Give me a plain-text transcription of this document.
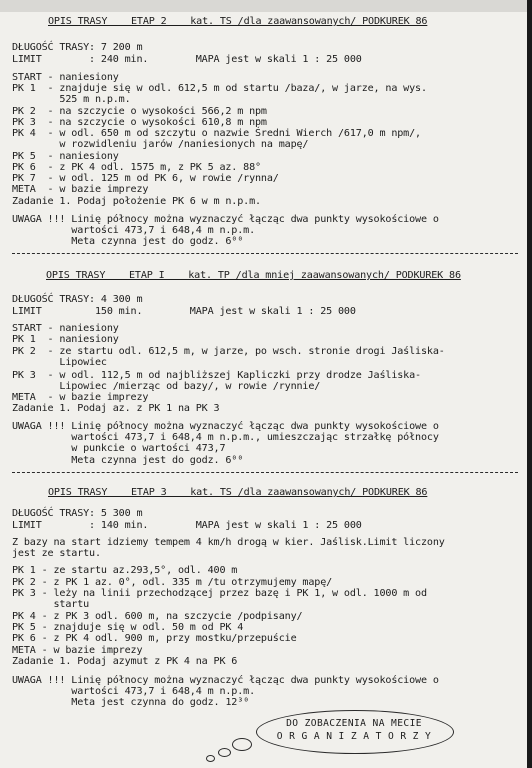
OPIS TRASY    ETAP 2    kat. TS /dla zaawansowanych/ PODKUREK 86
DŁUGOŚĆ TRASY: 7 200 m
LIMIT        : 240 min.        MAPA jest w skali 1 : 25 000
START - naniesiony
PK 1  - znajduje się w odl. 612,5 m od startu /baza/, w jarze, na wys.
525 m n.p.m.
PK 2  - na szczycie o wysokości 566,2 m npm
PK 3  - na szczycie o wysokości 610,8 m npm
PK 4  - w odl. 650 m od szczytu o nazwie Średni Wierch /617,0 m npm/,
w rozwidleniu jarów /naniesionych na mapę/
PK 5  - naniesiony
PK 6  - z PK 4 odl. 1575 m, z PK 5 az. 88°
PK 7  - w odl. 125 m od PK 6, w rowie /rynna/
META  - w bazie imprezy
Zadanie 1. Podaj położenie PK 6 w m n.p.m.
UWAGA !!! Linię północy można wyznaczyć łącząc dwa punkty wysokościowe o
wartości 473,7 i 648,4 m n.p.m.
Meta czynna jest do godz. 6⁰⁰
OPIS TRASY    ETAP I    kat. TP /dla mniej zaawansowanych/ PODKUREK 86
DŁUGOŚĆ TRASY: 4 300 m
LIMIT         150 min.        MAPA jest w skali 1 : 25 000
START - naniesiony
PK 1  - naniesiony
PK 2  - ze startu odl. 612,5 m, w jarze, po wsch. stronie drogi Jaśliska-
Lipowiec
PK 3  - w odl. 112,5 m od najbliższej Kapliczki przy drodze Jaśliska-
Lipowiec /mierząc od bazy/, w rowie /rynnie/
META  - w bazie imprezy
Zadanie 1. Podaj az. z PK 1 na PK 3
UWAGA !!! Linię północy można wyznaczyć łącząc dwa punkty wysokościowe o
wartości 473,7 i 648,4 m n.p.m., umieszczając strzałkę północy
w punkcie o wartości 473,7
Meta czynna jest do godz. 6⁰⁰
OPIS TRASY    ETAP 3    kat. TS /dla zaawansowanych/ PODKUREK 86
DŁUGOŚĆ TRASY: 5 300 m
LIMIT        : 140 min.        MAPA jest w skali 1 : 25 000
Z bazy na start idziemy tempem 4 km/h drogą w kier. Jaślisk.Limit liczony
jest ze startu.
PK 1 - ze startu az.293,5°, odl. 400 m
PK 2 - z PK 1 az. 0°, odl. 335 m /tu otrzymujemy mapę/
PK 3 - leży na linii przechodzącej przez bazę i PK 1, w odl. 1000 m od
startu
PK 4 - z PK 3 odl. 600 m, na szczycie /podpisany/
PK 5 - znajduje się w odl. 50 m od PK 4
PK 6 - z PK 4 odl. 900 m, przy mostku/przepuście
META - w bazie imprezy
Zadanie 1. Podaj azymut z PK 4 na PK 6
UWAGA !!! Linię północy można wyznaczyć łącząc dwa punkty wysokościowe o
wartości 473,7 i 648,4 m n.p.m.
Meta jest czynna do godz. 12³⁰
DO ZOBACZENIA NA MECIE
O R G A N I Z A T O R Z Y
